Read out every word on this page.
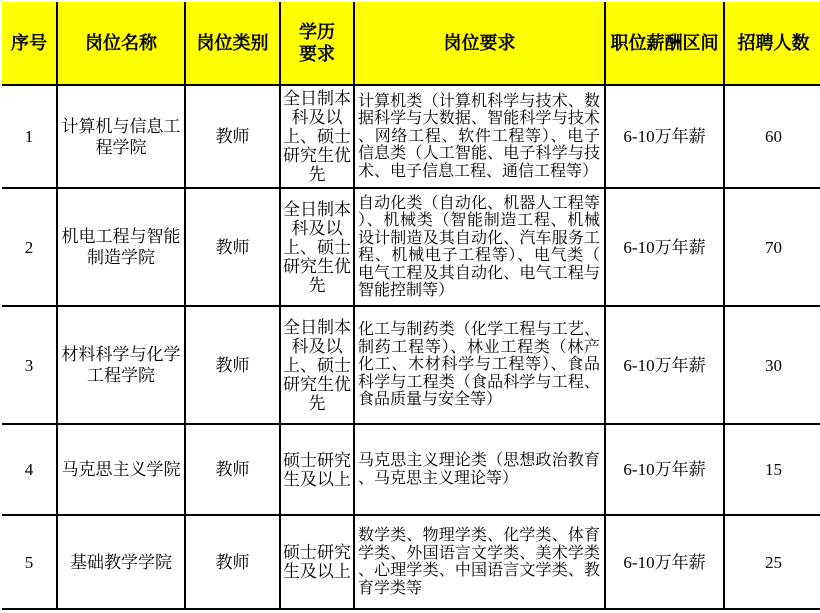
序号	岗位名称	岗位类别	学历要求	岗位要求	职位薪酬区间	招聘人数
1	计算机与信息工程学院	教师	全日制本科及以上、硕士研究生优先	计算机类（计算机科学与技术、数据科学与大数据、智能科学与技术、网络工程、软件工程等）、电子信息类（人工智能、电子科学与技术、电子信息工程、通信工程等）	6-10万年薪	60
2	机电工程与智能制造学院	教师	全日制本科及以上、硕士研究生优先	自动化类（自动化、机器人工程等）、机械类（智能制造工程、机械设计制造及其自动化、汽车服务工程、机械电子工程等）、电气类（电气工程及其自动化、电气工程与智能控制等）	6-10万年薪	70
3	材料科学与化学工程学院	教师	全日制本科及以上、硕士研究生优先	化工与制药类（化学工程与工艺、制药工程等）、林业工程类（林产化工、木材科学与工程等）、食品科学与工程类（食品科学与工程、食品质量与安全等）	6-10万年薪	30
4	马克思主义学院	教师	硕士研究生及以上	马克思主义理论类（思想政治教育、马克思主义理论等）	6-10万年薪	15
5	基础教学学院	教师	硕士研究生及以上	数学类、物理学类、化学类、体育学类、外国语言文学类、美术学类、心理学类、中国语言文学类、教育学类等	6-10万年薪	25
